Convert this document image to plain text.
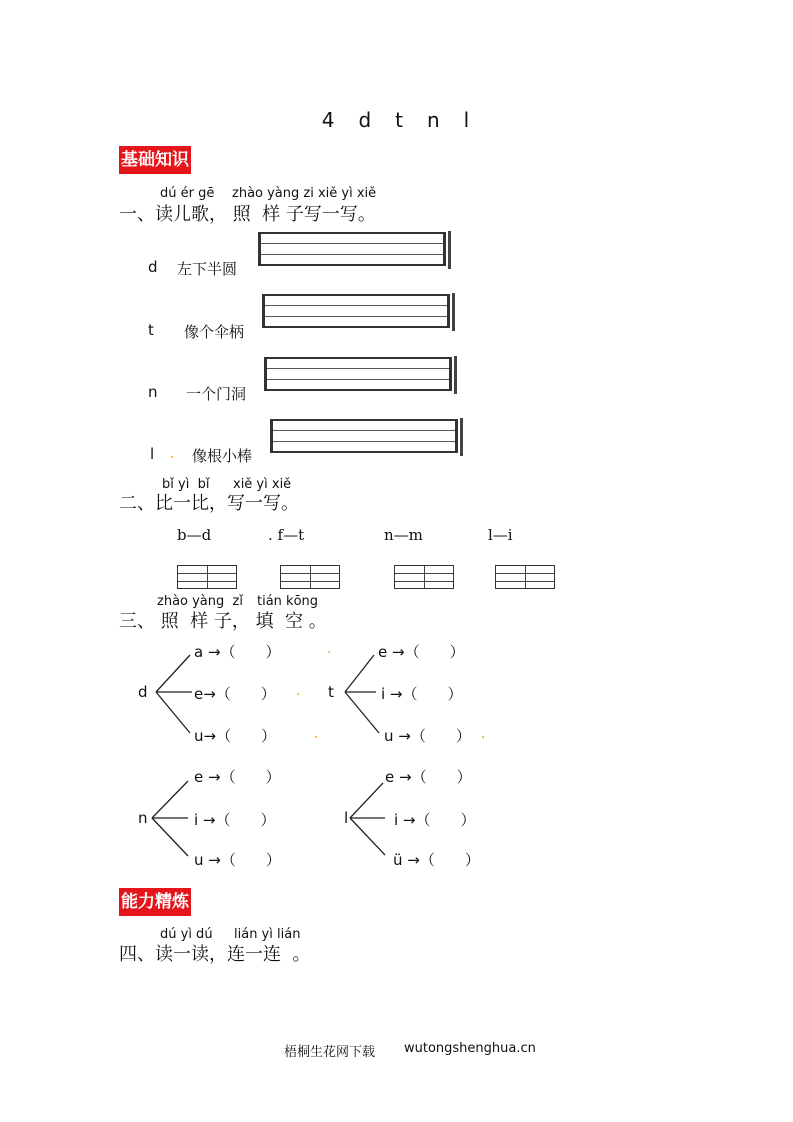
4　d　t　n　l
基础知识
dú ér gē zhào yàng zi xiě yì xiě
一、读儿歌， 照  样 子写一写。
d 左下半圆
t 像个伞柄
n 一个门洞
l . 像根小棒
bǐ yì  bǐ xiě yì xiě
二、比一比，写一写。
b—d	. f—t	n—m	l—i
zhào yàng  zǐ tián kōng
三、 照  样 子， 填  空 。
d
a →（　　）
e→（　　）
u→（　　）
.
.
.
t
e →（　　）
i →（　　）
u →（　　） .
n
e →（　　）
i →（　　）
u →（　　）
l
e →（　　）
i →（　　）
ü →（　　）
能力精炼
dú yì dú lián yì lián
四、读一读，连一连  。
梧桐生花网下载 wutongshenghua.cn
